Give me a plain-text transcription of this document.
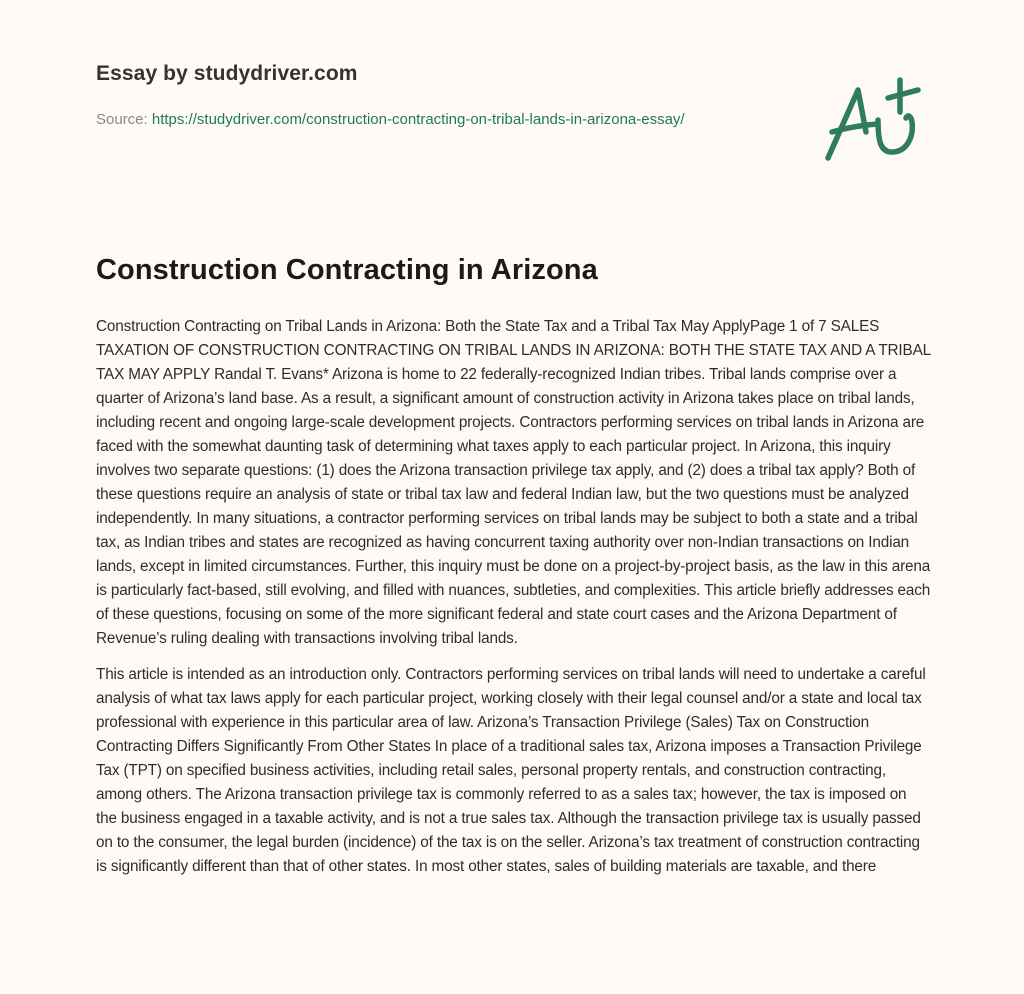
Essay by studydriver.com
Source: https://studydriver.com/construction-contracting-on-tribal-lands-in-arizona-essay/
Construction Contracting in Arizona

Construction Contracting on Tribal Lands in Arizona: Both the State Tax and a Tribal Tax May ApplyPage 1 of 7 SALES TAXATION OF CONSTRUCTION CONTRACTING ON TRIBAL LANDS IN ARIZONA: BOTH THE STATE TAX AND A TRIBAL TAX MAY APPLY Randal T. Evans* Arizona is home to 22 federally-recognized Indian tribes. Tribal lands comprise over a quarter of Arizona’s land base. As a result, a significant amount of construction activity in Arizona takes place on tribal lands, including recent and ongoing large-scale development projects. Contractors performing services on tribal lands in Arizona are faced with the somewhat daunting task of determining what taxes apply to each particular project. In Arizona, this inquiry involves two separate questions: (1) does the Arizona transaction privilege tax apply, and (2) does a tribal tax apply? Both of these questions require an analysis of state or tribal tax law and federal Indian law, but the two questions must be analyzed independently. In many situations, a contractor performing services on tribal lands may be subject to both a state and a tribal tax, as Indian tribes and states are recognized as having concurrent taxing authority over non-Indian transactions on Indian lands, except in limited circumstances. Further, this inquiry must be done on a project-by-project basis, as the law in this arena is particularly fact-based, still evolving, and filled with nuances, subtleties, and complexities. This article briefly addresses each of these questions, focusing on some of the more significant federal and state court cases and the Arizona Department of Revenue’s ruling dealing with transactions involving tribal lands.

This article is intended as an introduction only. Contractors performing services on tribal lands will need to undertake a careful analysis of what tax laws apply for each particular project, working closely with their legal counsel and/or a state and local tax professional with experience in this particular area of law. Arizona’s Transaction Privilege (Sales) Tax on Construction Contracting Differs Significantly From Other States In place of a traditional sales tax, Arizona imposes a Transaction Privilege Tax (TPT) on specified business activities, including retail sales, personal property rentals, and construction contracting, among others. The Arizona transaction privilege tax is commonly referred to as a sales tax; however, the tax is imposed on the business engaged in a taxable activity, and is not a true sales tax. Although the transaction privilege tax is usually passed on to the consumer, the legal burden (incidence) of the tax is on the seller. Arizona’s tax treatment of construction contracting is significantly different than that of other states. In most other states, sales of building materials are taxable, and there
